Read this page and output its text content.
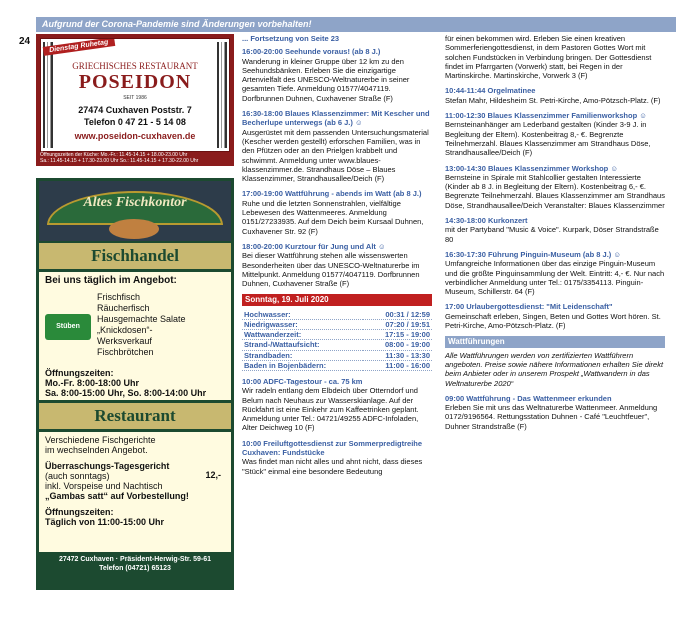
Aufgrund der Corona-Pandemie sind Änderungen vorbehalten!
24	Dienstag Ruhetag
GRIECHISCHES RESTAURANT
POSEIDON
SEIT 1986
27474 Cuxhaven Poststr. 7
Telefon 0 47 21 - 5 14 08
www.poseidon-cuxhaven.de
Öffnungszeiten der Küche: Mo.-Fr.: 11.45-14.15 + 18.00-23.00 Uhr
Sa.: 11.45-14.15 + 17.30-23.00 Uhr So.: 11.45-14.15 + 17.30-22.00 Uhr
Altes Fischkontor
Fischhandel
Bei uns täglich im Angebot:
Stüben
Frischfisch
Räucherfisch
Hausgemachte Salate
„Knickdosen“-
Werksverkauf
Fischbrötchen
Öffnungszeiten:
Mo.-Fr. 8:00-18:00 Uhr
Sa. 8:00-15:00 Uhr, So. 8:00-14:00 Uhr
Restaurant
Verschiedene Fischgerichte
im wechselnden Angebot.
Überraschungs-Tagesgericht
12,-
(auch sonntags)
inkl. Vorspeise und Nachtisch
„Gambas satt“ auf Vorbestellung!
Öffnungszeiten:
Täglich von 11:00-15:00 Uhr
27472 Cuxhaven · Präsident-Herwig-Str. 59-61
Telefon (04721) 65123
... Fortsetzung von Seite 23
16:00-20:00 Seehunde voraus! (ab 8 J.)
Wanderung in kleiner Gruppe über 12 km zu den Seehundsbänken. Erleben Sie die einzigartige Artenvielfalt des UNESCO-Weltnaturerbe in seiner gesamten Tiefe. Anmeldung 01577/4047119. Dorfbrunnen Duhnen, Cuxhavener Straße (F)
16:30-18:00 Blaues Klassenzimmer: Mit Kescher und Becherlupe unterwegs (ab 6 J.) ☺
Ausgerüstet mit dem passenden Untersuchungsmaterial (Kescher werden gestellt) erforschen Familien, was in den Pfützen oder an den Prielgen krabbelt und schwimmt. Anmeldung unter www.blaues-klassenzimmer.de. Strandhaus Döse – Blaues Klassenzimmer, Strandhausallee/Deich (F)
17:00-19:00 Wattführung - abends im Watt (ab 8 J.)
Ruhe und die letzten Sonnenstrahlen, vielfältige Lebewesen des Wattenmeeres. Anmeldung 0151/27233935. Auf dem Deich beim Kursaal Duhnen, Cuxhavener Str. 92 (F)
18:00-20:00 Kurztour für Jung und Alt ☺
Bei dieser Wattführung stehen alle wissenswerten Besonderheiten über das UNESCO-Weltnaturerbe im Mittelpunkt. Anmeldung 01577/4047119. Dorfbrunnen Duhnen, Cuxhavener Straße (F)
Sonntag, 19. Juli 2020
Hochwasser:	00:31 / 12:59
Niedrigwasser:	07:20 / 19:51
Wattwanderzeit:	17:15 - 19:00
Strand-/Wattaufsicht:	08:00 - 19:00
Strandbaden:	11:30 - 13:30
Baden in Bojenbädern:	11:00 - 16:00
10:00 ADFC-Tagestour - ca. 75 km
Wir radeln entlang dem Elbdeich über Otterndorf und Belum nach Neuhaus zur Wasserskianlage. Auf der Rückfahrt ist eine Einkehr zum Kaffeetrinken geplant. Anmeldung unter Tel.: 04721/49255 ADFC-Infoladen, Alter Deichweg 10 (F)
10:00 Freiluftgottesdienst zur Sommerpredigtreihe Cuxhaven: Fundstücke
Was findet man nicht alles und ahnt nicht, dass dieses "Stück" einmal eine besondere Bedeutung
für einen bekommen wird. Erleben Sie einen kreativen Sommerferiengottesdienst, in dem Pastoren Gottes Wort mit solchen Fundstücken in Verbindung bringen. Der Gottesdienst findet im Pfarrgarten (Vorwerk) statt, bei Regen in der Martinskirche. Martinskirche, Vorwerk 3 (F)
10:44-11:44 Orgelmatinee
Stefan Mahr, Hildesheim St. Petri-Kirche, Amo-Pötzsch-Platz. (F)
11:00-12:30 Blaues Klassenzimmer Familienworkshop ☺
Bernsteinanhänger am Lederband gestalten (Kinder 3-9 J. in Begleitung der Eltern). Kostenbeitrag 8,- €. Begrenzte Teilnehmerzahl. Blaues Klassenzimmer am Strandhaus Döse, Strandhausallee/Deich (F)
13:00-14:30 Blaues Klassenzimmer Workshop ☺
Bernsteine in Spirale mit Stahlcollier gestalten Interessierte (Kinder ab 8 J. in Begleitung der Eltern). Kostenbeitrag 6,- €. Begrenzte Teilnehmerzahl. Blaues Klassenzimmer am Strandhaus Döse, Strandhausallee/Deich Veranstalter: Blaues Klassenzimmer
14:30-18:00 Kurkonzert
mit der Partyband "Music & Voice". Kurpark, Döser Strandstraße 80
16:30-17:30 Führung Pinguin-Museum (ab 8 J.) ☺
Umfangreiche Informationen über das einzige Pinguin-Museum und die größte Pinguinsammlung der Welt. Eintritt: 4,- €. Nur nach verbindlicher Anmeldung unter Tel.: 0175/3354113. Pinguin-Museum, Schillerstr. 64 (F)
17:00 Urlaubergottesdienst: "Mit Leidenschaft"
Gemeinschaft erleben, Singen, Beten und Gottes Wort hören. St. Petri-Kirche, Amo-Pötzsch-Platz. (F)
Wattführungen
Alle Wattführungen werden von zertifizierten Wattführern angeboten. Preise sowie nähere Informationen erhalten Sie direkt beim Anbieter oder in unserem Prospekt „Wattwandern in das Weltnaturerbe 2020“
09:00 Wattführung - Das Wattenmeer erkunden
Erleben Sie mit uns das Weltnaturerbe Wattenmeer. Anmeldung 0172/9196564. Rettungsstation Duhnen - Café "Leuchtfeuer", Duhner Strandstraße (F)
